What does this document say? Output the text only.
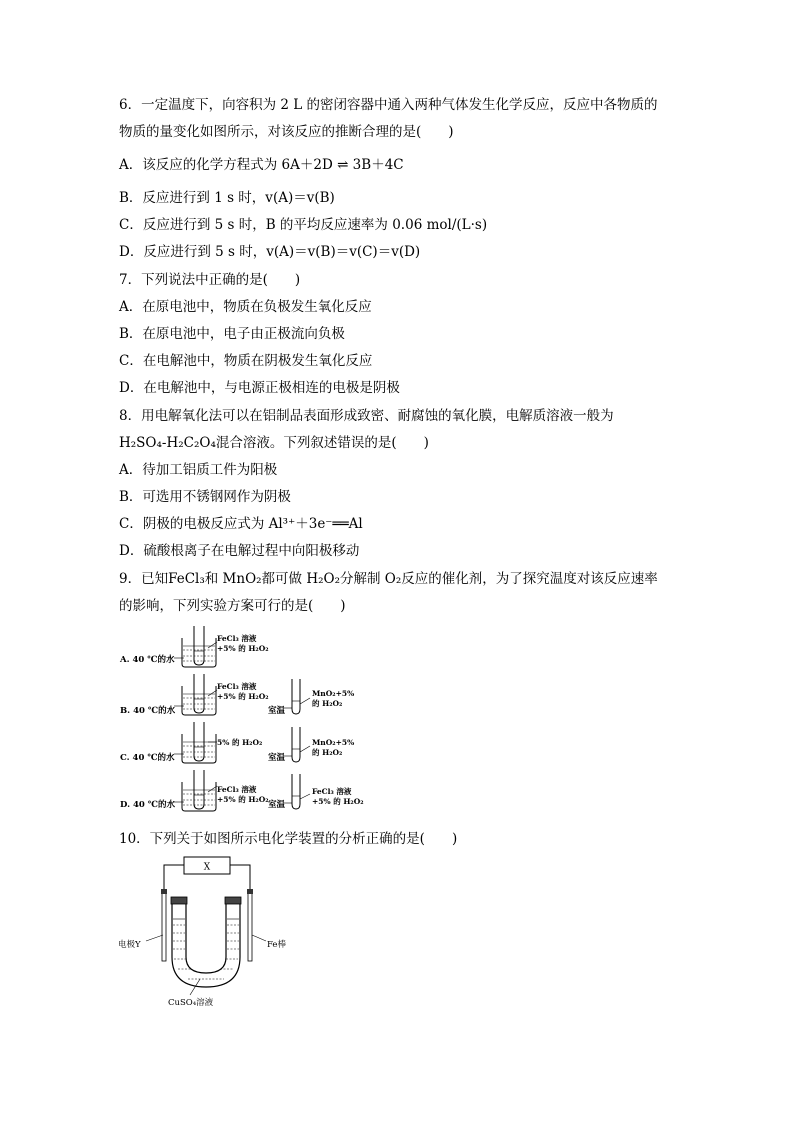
6．一定温度下，向容积为 2 L 的密闭容器中通入两种气体发生化学反应，反应中各物质的
物质的量变化如图所示，对该反应的推断合理的是(　　)
A．该反应的化学方程式为 6A＋2D ⇌ 3B＋4C
B．反应进行到 1 s 时，v(A)＝v(B)
C．反应进行到 5 s 时，B 的平均反应速率为 0.06 mol/(L·s)
D．反应进行到 5 s 时，v(A)＝v(B)＝v(C)＝v(D)
7．下列说法中正确的是(　　)
A．在原电池中，物质在负极发生氧化反应
B．在原电池中，电子由正极流向负极
C．在电解池中，物质在阴极发生氧化反应
D．在电解池中，与电源正极相连的电极是阴极
8．用电解氧化法可以在铝制品表面形成致密、耐腐蚀的氧化膜，电解质溶液一般为
H₂SO₄-H₂C₂O₄混合溶液。下列叙述错误的是(　　)
A．待加工铝质工件为阳极
B．可选用不锈钢网作为阴极
C．阴极的电极反应式为 Al³⁺＋3e⁻══Al
D．硫酸根离子在电解过程中向阳极移动
9．已知FeCl₃和 MnO₂都可做 H₂O₂分解制 O₂反应的催化剂，为了探究温度对该反应速率
的影响，下列实验方案可行的是(　　)
A. 40 ℃的水
FeCl₃ 溶液
+5% 的 H₂O₂
B. 40 ℃的水
FeCl₃ 溶液
+5% 的 H₂O₂
室温
MnO₂+5%
的 H₂O₂
C. 40 ℃的水
5% 的 H₂O₂
室温
MnO₂+5%
的 H₂O₂
D. 40 ℃的水
FeCl₃ 溶液
+5% 的 H₂O₂
室温
FeCl₃ 溶液
+5% 的 H₂O₂
10．下列关于如图所示电化学装置的分析正确的是(　　)
X
电极Y	Fe棒
CuSO₄溶液
